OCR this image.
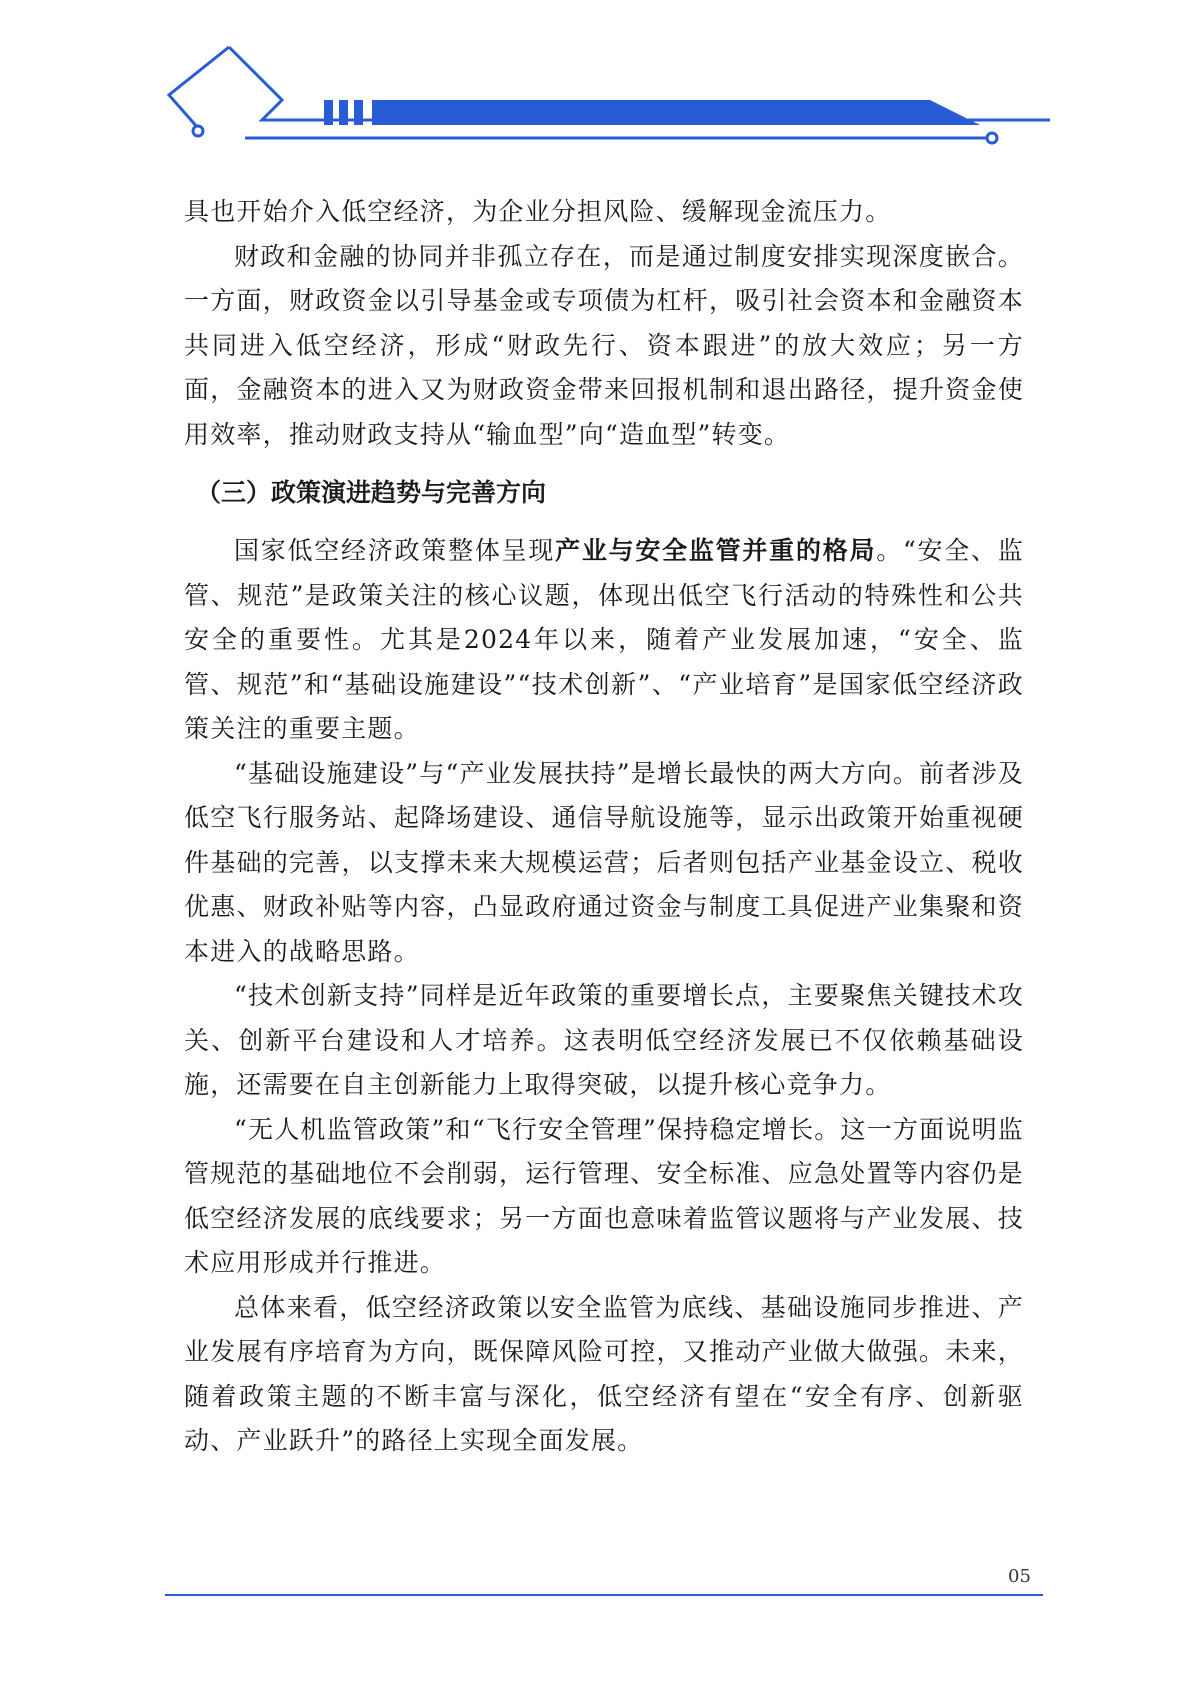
具也开始介入低空经济，为企业分担风险、缓解现金流压力。

财政和金融的协同并非孤立存在，而是通过制度安排实现深度嵌合。一方面，财政资金以引导基金或专项债为杠杆，吸引社会资本和金融资本共同进入低空经济，形成“财政先行、资本跟进”的放大效应；另一方面，金融资本的进入又为财政资金带来回报机制和退出路径，提升资金使用效率，推动财政支持从“输血型”向“造血型”转变。

（三）政策演进趋势与完善方向

国家低空经济政策整体呈现产业与安全监管并重的格局。“安全、监管、规范”是政策关注的核心议题，体现出低空飞行活动的特殊性和公共安全的重要性。尤其是2024年以来，随着产业发展加速，“安全、监管、规范”和“基础设施建设”“技术创新”、“产业培育”是国家低空经济政策关注的重要主题。

“基础设施建设”与“产业发展扶持”是增长最快的两大方向。前者涉及低空飞行服务站、起降场建设、通信导航设施等，显示出政策开始重视硬件基础的完善，以支撑未来大规模运营；后者则包括产业基金设立、税收优惠、财政补贴等内容，凸显政府通过资金与制度工具促进产业集聚和资本进入的战略思路。

“技术创新支持”同样是近年政策的重要增长点，主要聚焦关键技术攻关、创新平台建设和人才培养。这表明低空经济发展已不仅依赖基础设施，还需要在自主创新能力上取得突破，以提升核心竞争力。

“无人机监管政策”和“飞行安全管理”保持稳定增长。这一方面说明监管规范的基础地位不会削弱，运行管理、安全标准、应急处置等内容仍是低空经济发展的底线要求；另一方面也意味着监管议题将与产业发展、技术应用形成并行推进。

总体来看，低空经济政策以安全监管为底线、基础设施同步推进、产业发展有序培育为方向，既保障风险可控，又推动产业做大做强。未来，随着政策主题的不断丰富与深化，低空经济有望在“安全有序、创新驱动、产业跃升”的路径上实现全面发展。

05
